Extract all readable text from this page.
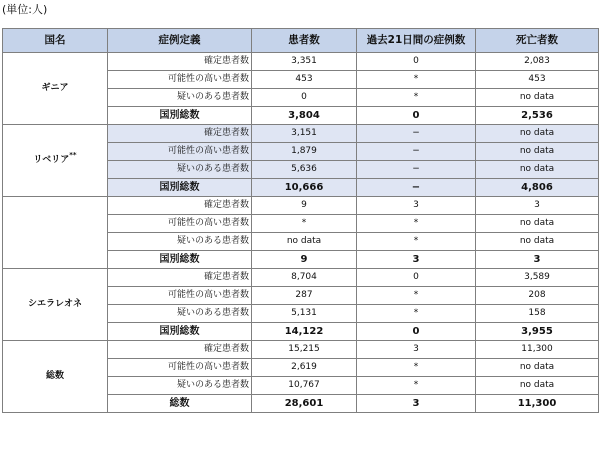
(単位:人)
国名	症例定義	患者数	過去21日間の症例数	死亡者数
ギニア	確定患者数	3,351	0	2,083
	可能性の高い患者数	453	*	453
	疑いのある患者数	0	*	no data
	国別総数	3,804	0	2,536
リベリア**	確定患者数	3,151	−	no data
	可能性の高い患者数	1,879	−	no data
	疑いのある患者数	5,636	−	no data
	国別総数	10,666	−	4,806
	確定患者数	9	3	3
	可能性の高い患者数	*	*	no data
	疑いのある患者数	no data	*	no data
	国別総数	9	3	3
シエラレオネ	確定患者数	8,704	0	3,589
	可能性の高い患者数	287	*	208
	疑いのある患者数	5,131	*	158
	国別総数	14,122	0	3,955
総数	確定患者数	15,215	3	11,300
	可能性の高い患者数	2,619	*	no data
	疑いのある患者数	10,767	*	no data
	総数	28,601	3	11,300
